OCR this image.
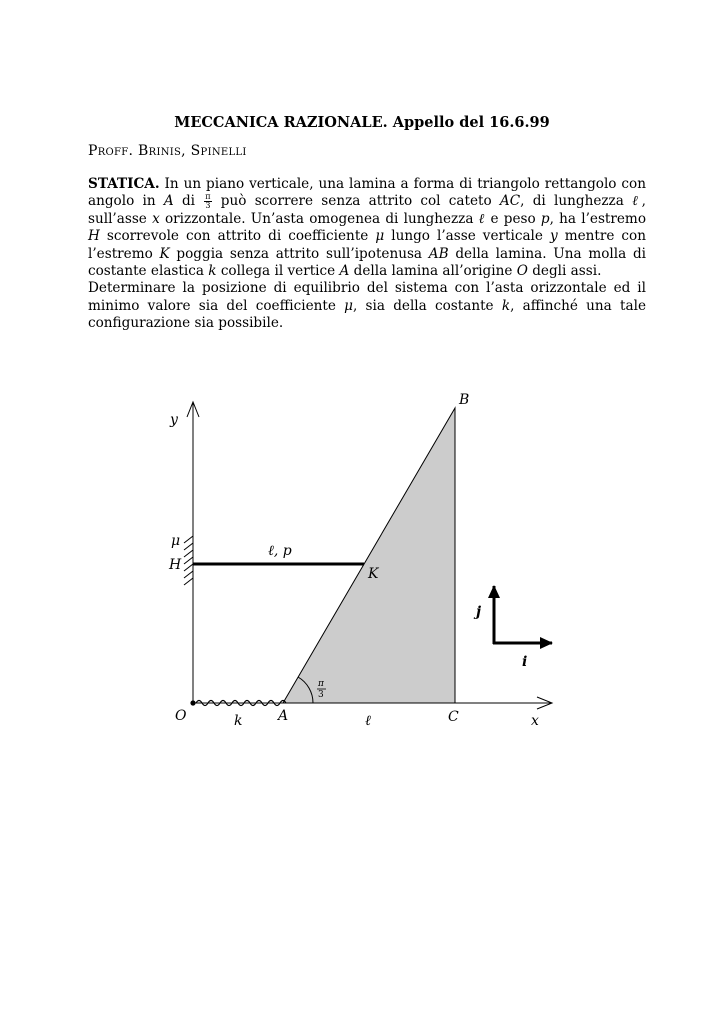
MECCANICA RAZIONALE. Appello del 16.6.99
Proff. Brinis, Spinelli

STATICA. In un piano verticale, una lamina a forma di triangolo rettangolo con angolo in A di $\frac{\pi}{3}$ può scorrere senza attrito col cateto AC, di lunghezza ℓ, sull’asse x orizzontale. Un’asta omogenea di lunghezza ℓ e peso p, ha l’estremo H scorrevole con attrito di coefficiente μ lungo l’asse verticale y mentre con l’estremo K poggia senza attrito sull’ipotenusa AB della lamina. Una molla di costante elastica k collega il vertice A della lamina all’origine O degli assi.

Determinare la posizione di equilibrio del sistema con l’asta orizzontale ed il minimo valore sia del coefficiente μ, sia della costante k, affinché una tale configurazione sia possibile.

y
x
O	A
B
C
H
K
μ
ℓ, p
k	ℓ
π
3
i
j
